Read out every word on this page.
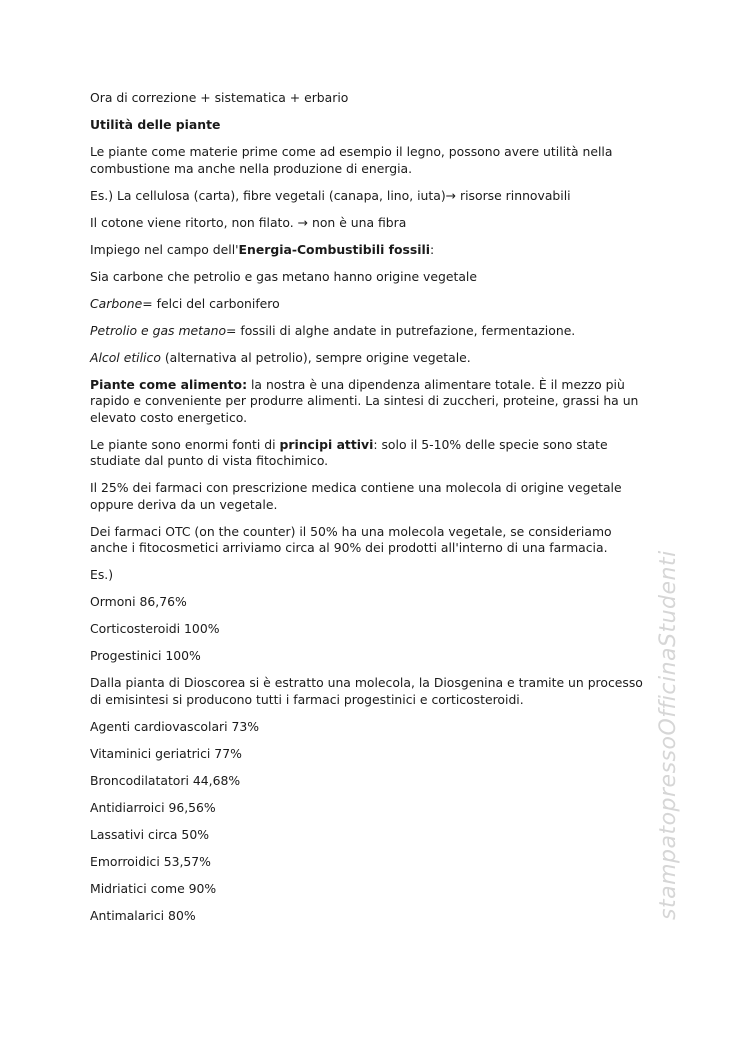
Ora di correzione + sistematica + erbario

Utilità delle piante

Le piante come materie prime come ad esempio il legno, possono avere utilità nella combustione ma anche nella produzione di energia.

Es.) La cellulosa (carta), fibre vegetali (canapa, lino, iuta)→ risorse rinnovabili

Il cotone viene ritorto, non filato. → non è una fibra

Impiego nel campo dell'Energia-Combustibili fossili:

Sia carbone che petrolio e gas metano hanno origine vegetale

Carbone= felci del carbonifero

Petrolio e gas metano= fossili di alghe andate in putrefazione, fermentazione.

Alcol etilico (alternativa al petrolio), sempre origine vegetale.

Piante come alimento: la nostra è una dipendenza alimentare totale. È il mezzo più rapido e conveniente per produrre alimenti. La sintesi di zuccheri, proteine, grassi ha un elevato costo energetico.

Le piante sono enormi fonti di principi attivi: solo il 5-10% delle specie sono state studiate dal punto di vista fitochimico.

Il 25% dei farmaci con prescrizione medica contiene una molecola di origine vegetale oppure deriva da un vegetale.

Dei farmaci OTC (on the counter) il 50% ha una molecola vegetale, se consideriamo anche i fitocosmetici arriviamo circa al 90% dei prodotti all'interno di una farmacia.

Es.)

Ormoni 86,76%

Corticosteroidi 100%

Progestinici 100%

Dalla pianta di Dioscorea si è estratto una molecola, la Diosgenina e tramite un processo di emisintesi si producono tutti i farmaci progestinici e corticosteroidi.

Agenti cardiovascolari 73%

Vitaminici geriatrici 77%

Broncodilatatori 44,68%

Antidiarroici 96,56%

Lassativi circa 50%

Emorroidici 53,57%

Midriatici come 90%

Antimalarici 80%	stampatopressoOfficinaStudenti
